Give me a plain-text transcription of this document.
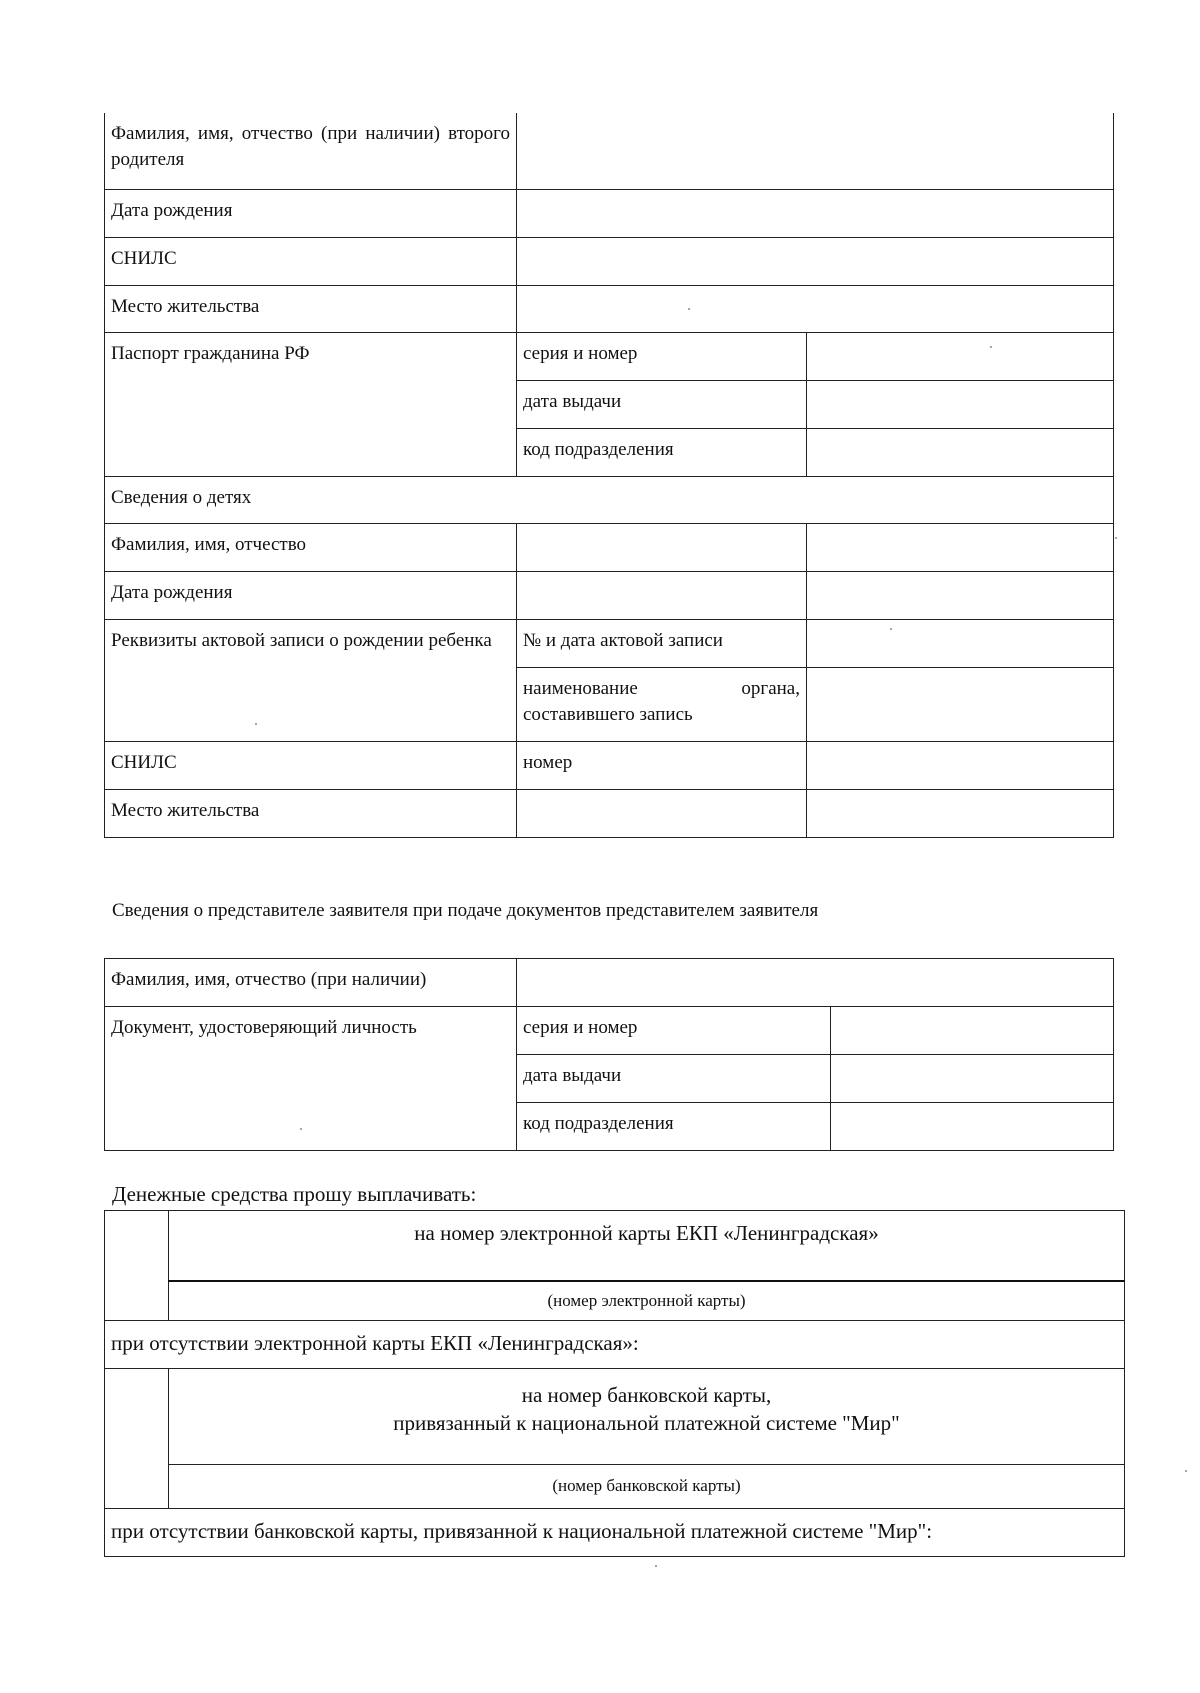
Фамилия, имя, отчество (при наличии) второго родителя		
Дата рождения		
СНИЛС		
Место жительства		
Паспорт гражданина РФ	серия и номер	
	дата выдачи	
	код подразделения	
Сведения о детях		
Фамилия, имя, отчество		
Дата рождения		
Реквизиты актовой записи о рождении ребенка	№ и дата актовой записи	
	наименование органа, составившего запись	
СНИЛС	номер	
Место жительства		
Сведения о представителе заявителя при подаче документов представителем заявителя
Фамилия, имя, отчество (при наличии)		
Документ, удостоверяющий личность	серия и номер	
	дата выдачи	
	код подразделения	
Денежные средства прошу выплачивать:
	на номер электронной карты ЕКП «Ленинградская»
	(номер электронной карты)
при отсутствии электронной карты ЕКП «Ленинградская»:	

	на номер банковской карты,
привязанный к национальной платежной системе "Мир"

	(номер банковской карты)
при отсутствии банковской карты, привязанной к национальной платежной системе "Мир":	
